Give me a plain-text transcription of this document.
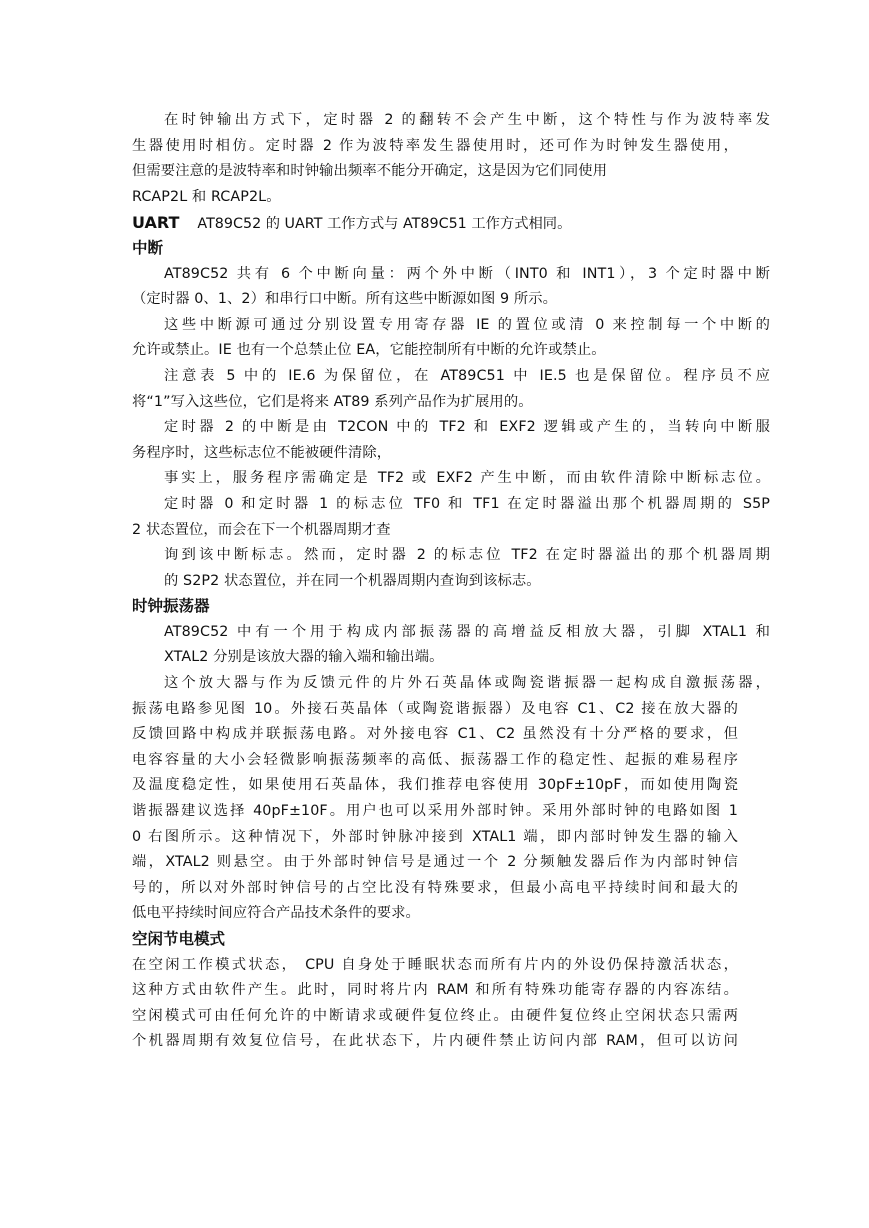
在时钟输出方式下，定时器 2 的翻转不会产生中断，这个特性与作为波特率发
生器使用时相仿。定时器 2 作为波特率发生器使用时，还可作为时钟发生器使用，
但需要注意的是波特率和时钟输出频率不能分开确定，这是因为它们同使用
RCAP2L 和 RCAP2L。
UART AT89C52 的 UART 工作方式与 AT89C51 工作方式相同。
中断
AT89C52 共有 6 个中断向量：两个外中断（INT0 和 INT1），3 个定时器中断
（定时器 0、1、2）和串行口中断。所有这些中断源如图 9 所示。
这些中断源可通过分别设置专用寄存器 IE 的置位或清 0 来控制每一个中断的
允许或禁止。IE 也有一个总禁止位 EA，它能控制所有中断的允许或禁止。
注意表 5 中的 IE.6 为保留位，在 AT89C51 中 IE.5 也是保留位。程序员不应
将“1”写入这些位，它们是将来 AT89 系列产品作为扩展用的。
定时器 2 的中断是由 T2CON 中的 TF2 和 EXF2 逻辑或产生的，当转向中断服
务程序时，这些标志位不能被硬件清除，
事实上，服务程序需确定是 TF2 或 EXF2 产生中断，而由软件清除中断标志位。
定时器 0 和定时器 1 的标志位 TF0 和 TF1 在定时器溢出那个机器周期的 S5P
2 状态置位，而会在下一个机器周期才查
询到该中断标志。然而，定时器 2 的标志位 TF2 在定时器溢出的那个机器周期
的 S2P2 状态置位，并在同一个机器周期内查询到该标志。
时钟振荡器
AT89C52 中有一个用于构成内部振荡器的高增益反相放大器，引脚 XTAL1 和
XTAL2 分别是该放大器的输入端和输出端。
这个放大器与作为反馈元件的片外石英晶体或陶瓷谐振器一起构成自激振荡器，
振荡电路参见图 10。外接石英晶体（或陶瓷谐振器）及电容 C1、C2 接在放大器的
反馈回路中构成并联振荡电路。对外接电容 C1、C2 虽然没有十分严格的要求，但
电容容量的大小会轻微影响振荡频率的高低、振荡器工作的稳定性、起振的难易程序
及温度稳定性，如果使用石英晶体，我们推荐电容使用 30pF±10pF，而如使用陶瓷
谐振器建议选择 40pF±10F。用户也可以采用外部时钟。采用外部时钟的电路如图 1
0 右图所示。这种情况下，外部时钟脉冲接到 XTAL1 端，即内部时钟发生器的输入
端，XTAL2 则悬空。由于外部时钟信号是通过一个 2 分频触发器后作为内部时钟信
号的，所以对外部时钟信号的占空比没有特殊要求，但最小高电平持续时间和最大的
低电平持续时间应符合产品技术条件的要求。
空闲节电模式
在空闲工作模式状态， CPU 自身处于睡眠状态而所有片内的外设仍保持激活状态，
这种方式由软件产生。此时，同时将片内 RAM 和所有特殊功能寄存器的内容冻结。
空闲模式可由任何允许的中断请求或硬件复位终止。由硬件复位终止空闲状态只需两
个机器周期有效复位信号，在此状态下，片内硬件禁止访问内部 RAM，但可以访问
